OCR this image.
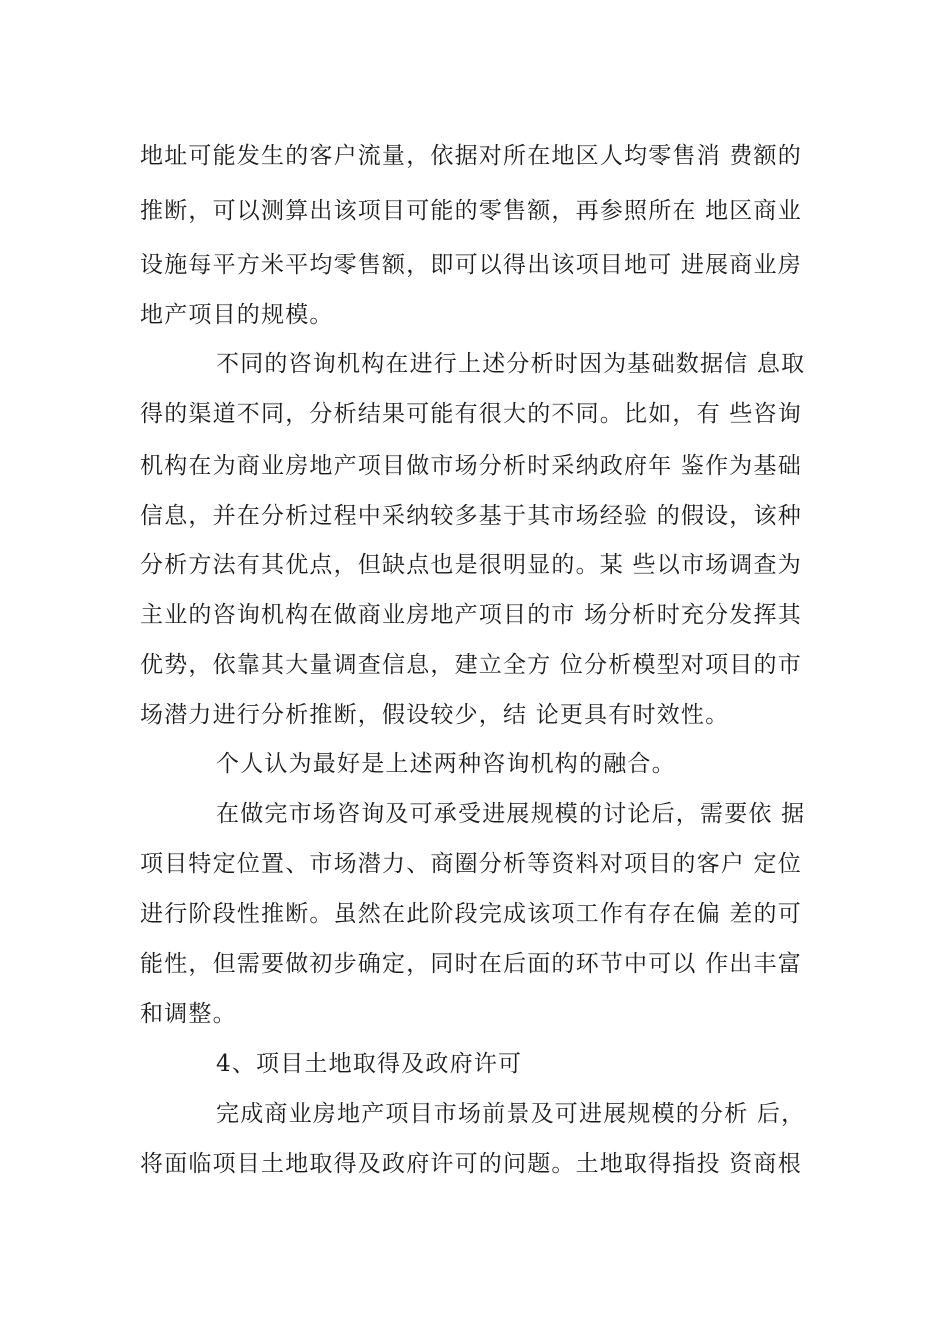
地址可能发生的客户流量，依据对所在地区人均零售消 费额的
推断，可以测算出该项目可能的零售额，再参照所在 地区商业
设施每平方米平均零售额，即可以得出该项目地可 进展商业房
地产项目的规模。
不同的咨询机构在进行上述分析时因为基础数据信 息取
得的渠道不同，分析结果可能有很大的不同。比如，有 些咨询
机构在为商业房地产项目做市场分析时采纳政府年 鉴作为基础
信息，并在分析过程中采纳较多基于其市场经验 的假设，该种
分析方法有其优点，但缺点也是很明显的。某 些以市场调查为
主业的咨询机构在做商业房地产项目的市 场分析时充分发挥其
优势，依靠其大量调查信息，建立全方 位分析模型对项目的市
场潜力进行分析推断，假设较少，结 论更具有时效性。
个人认为最好是上述两种咨询机构的融合。
在做完市场咨询及可承受进展规模的讨论后，需要依 据
项目特定位置、市场潜力、商圈分析等资料对项目的客户 定位
进行阶段性推断。虽然在此阶段完成该项工作有存在偏 差的可
能性，但需要做初步确定，同时在后面的环节中可以 作出丰富
和调整。
4、项目土地取得及政府许可
完成商业房地产项目市场前景及可进展规模的分析 后，
将面临项目土地取得及政府许可的问题。土地取得指投 资商根
